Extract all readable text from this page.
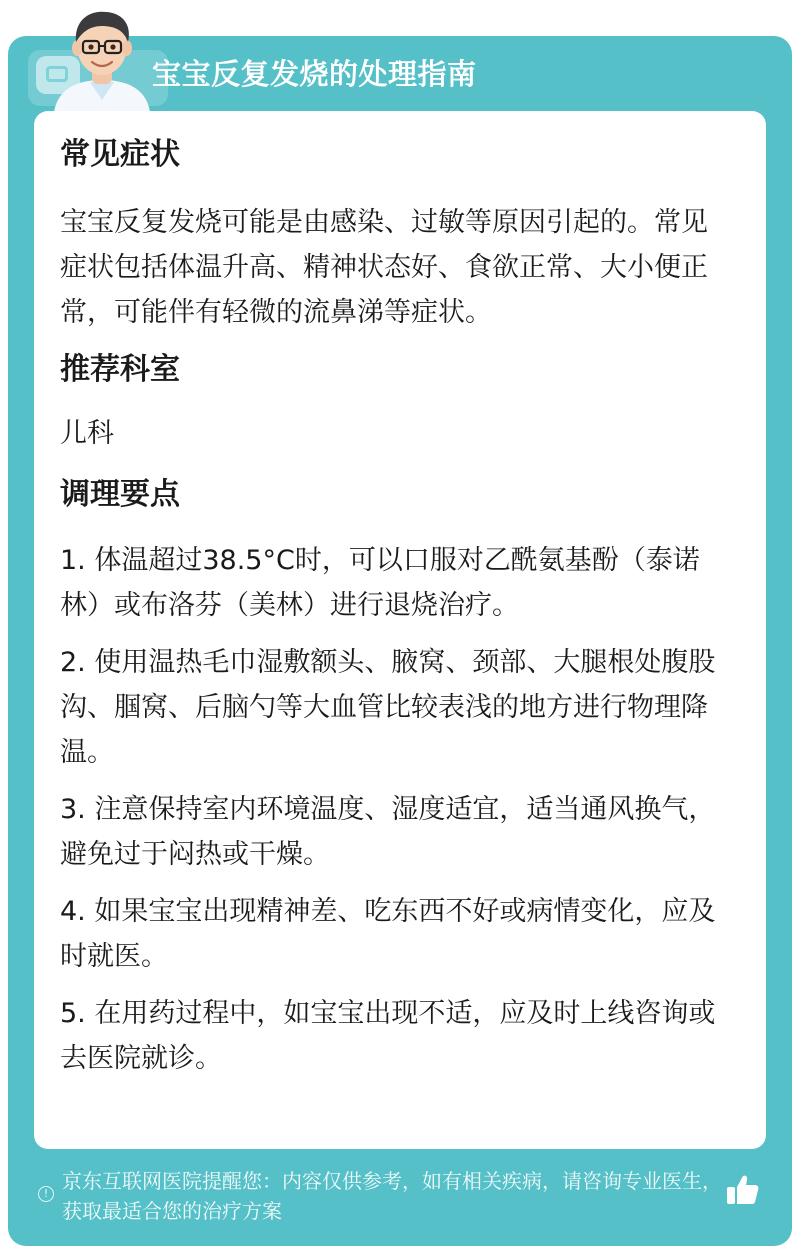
宝宝反复发烧的处理指南
常见症状

宝宝反复发烧可能是由感染、过敏等原因引起的。常见症状包括体温升高、精神状态好、食欲正常、大小便正常，可能伴有轻微的流鼻涕等症状。

推荐科室

儿科

调理要点

1. 体温超过38.5°C时，可以口服对乙酰氨基酚（泰诺林）或布洛芬（美林）进行退烧治疗。

2. 使用温热毛巾湿敷额头、腋窝、颈部、大腿根处腹股沟、腘窝、后脑勺等大血管比较表浅的地方进行物理降温。

3. 注意保持室内环境温度、湿度适宜，适当通风换气，避免过于闷热或干燥。

4. 如果宝宝出现精神差、吃东西不好或病情变化，应及时就医。

5. 在用药过程中，如宝宝出现不适，应及时上线咨询或去医院就诊。

!
京东互联网医院提醒您：内容仅供参考，如有相关疾病，请咨询专业医生，获取最适合您的治疗方案
